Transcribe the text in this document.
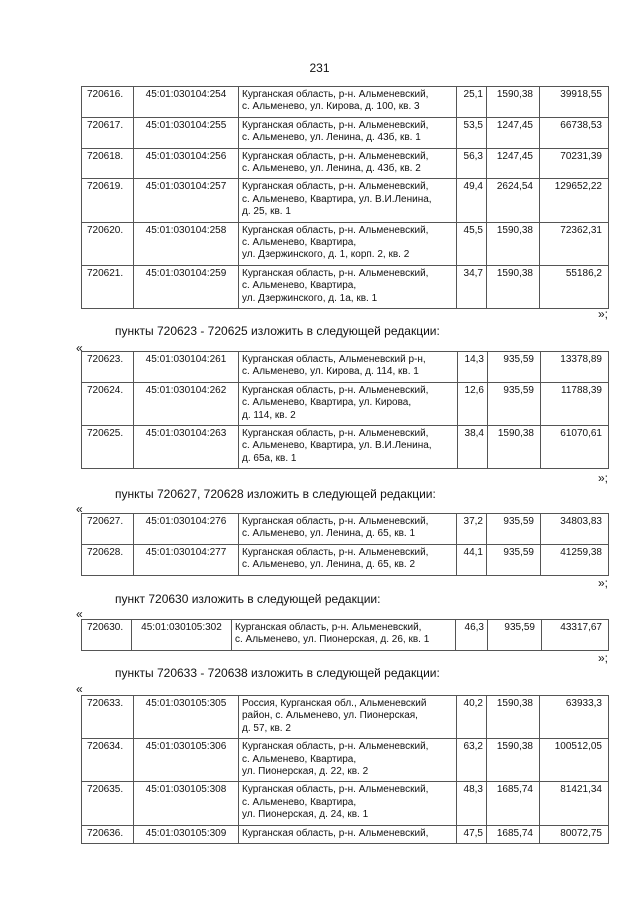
231
720616.	45:01:030104:254	Курганская область, р-н. Альменевский,
с. Альменево, ул. Кирова, д. 100, кв. 3	25,1	1590,38	39918,55
720617.	45:01:030104:255	Курганская область, р-н. Альменевский,
с. Альменево, ул. Ленина, д. 43б, кв. 1	53,5	1247,45	66738,53
720618.	45:01:030104:256	Курганская область, р-н. Альменевский,
с. Альменево, ул. Ленина, д. 43б, кв. 2	56,3	1247,45	70231,39
720619.	45:01:030104:257	Курганская область, р-н. Альменевский,
с. Альменево, Квартира, ул. В.И.Ленина,
д. 25, кв. 1	49,4	2624,54	129652,22
720620.	45:01:030104:258	Курганская область, р-н. Альменевский,
с. Альменево, Квартира,
ул. Дзержинского, д. 1, корп. 2, кв. 2	45,5	1590,38	72362,31
720621.	45:01:030104:259	Курганская область, р-н. Альменевский,
с. Альменево, Квартира,
ул. Дзержинского, д. 1а, кв. 1	34,7	1590,38	55186,2
»;
пункты 720623 - 720625 изложить в следующей редакции:
«
720623.	45:01:030104:261	Курганская область, Альменевский р-н,
с. Альменево, ул. Кирова, д. 114, кв. 1	14,3	935,59	13378,89
720624.	45:01:030104:262	Курганская область, р-н. Альменевский,
с. Альменево, Квартира, ул. Кирова,
д. 114, кв. 2	12,6	935,59	11788,39
720625.	45:01:030104:263	Курганская область, р-н. Альменевский,
с. Альменево, Квартира, ул. В.И.Ленина,
д. 65а, кв. 1	38,4	1590,38	61070,61
»;
пункты 720627, 720628 изложить в следующей редакции:
«
720627.	45:01:030104:276	Курганская область, р-н. Альменевский,
с. Альменево, ул. Ленина, д. 65, кв. 1	37,2	935,59	34803,83
720628.	45:01:030104:277	Курганская область, р-н. Альменевский,
с. Альменево, ул. Ленина, д. 65, кв. 2	44,1	935,59	41259,38
»;
пункт 720630 изложить в следующей редакции:
«
720630.	45:01:030105:302	Курганская область, р-н. Альменевский,
с. Альменево, ул. Пионерская, д. 26, кв. 1
	46,3	935,59	43317,67
»;
пункты 720633 - 720638 изложить в следующей редакции:
«
720633.	45:01:030105:305	Россия, Курганская обл., Альменевский
район, с. Альменево, ул. Пионерская,
д. 57, кв. 2	40,2	1590,38	63933,3
720634.	45:01:030105:306	Курганская область, р-н. Альменевский,
с. Альменево, Квартира,
ул. Пионерская, д. 22, кв. 2	63,2	1590,38	100512,05
720635.	45:01:030105:308	Курганская область, р-н. Альменевский,
с. Альменево, Квартира,
ул. Пионерская, д. 24, кв. 1	48,3	1685,74	81421,34
720636.	45:01:030105:309	Курганская область, р-н. Альменевский,	47,5	1685,74	80072,75
